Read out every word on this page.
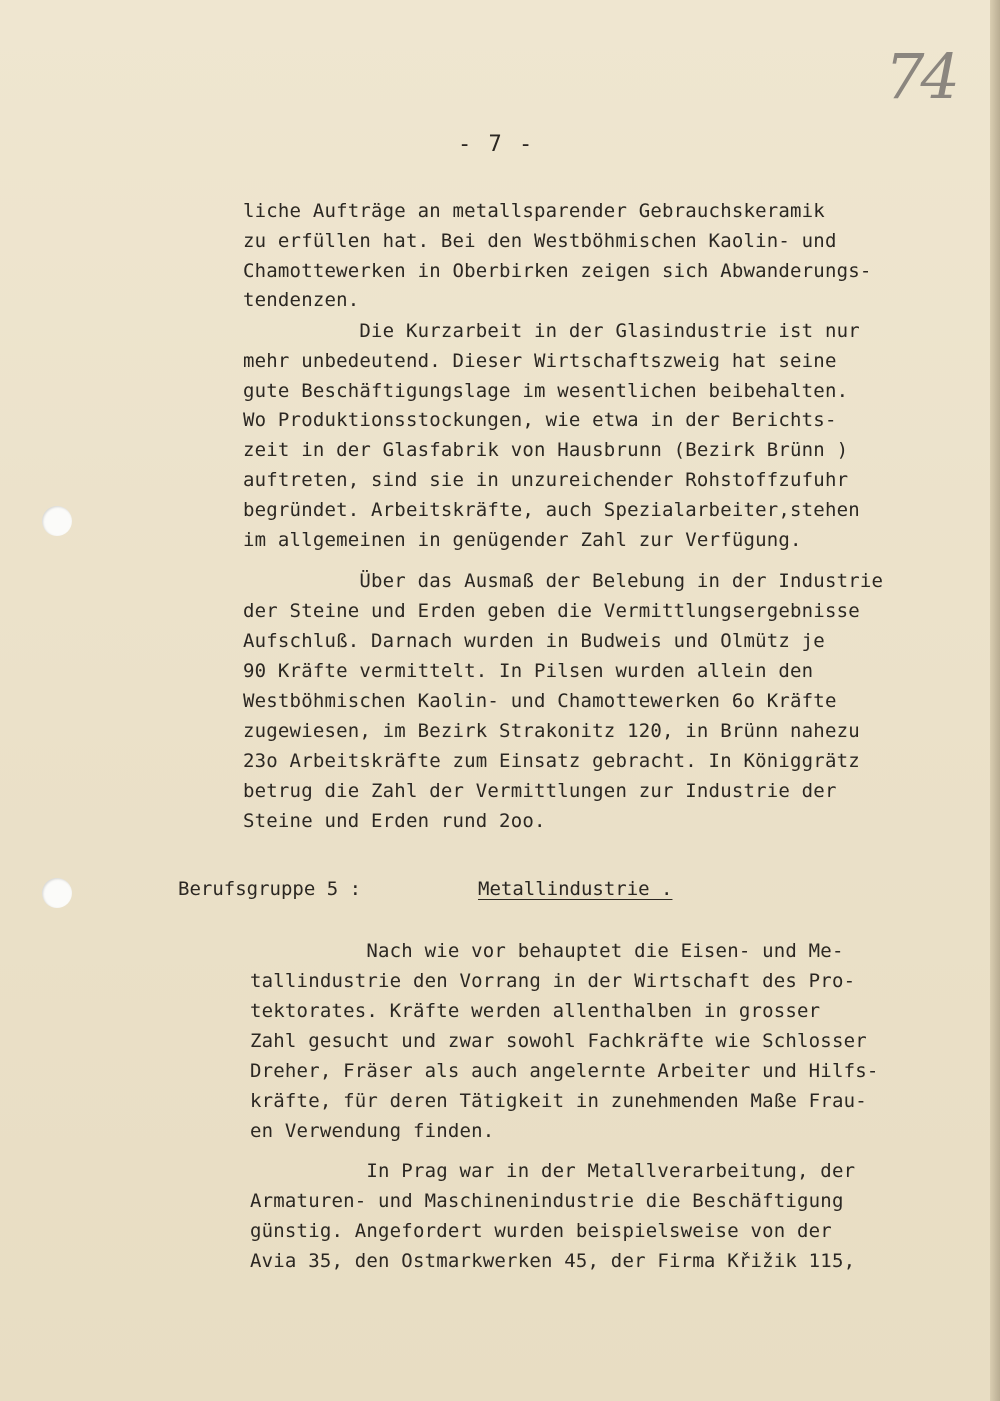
74
- 7 -
liche Aufträge an metallsparender Gebrauchskeramik
zu erfüllen hat. Bei den Westböhmischen Kaolin- und
Chamottewerken in Oberbirken zeigen sich Abwanderungs-
tendenzen.
Die Kurzarbeit in der Glasindustrie ist nur
mehr unbedeutend. Dieser Wirtschaftszweig hat seine
gute Beschäftigungslage im wesentlichen beibehalten.
Wo Produktionsstockungen, wie etwa in der Berichts-
zeit in der Glasfabrik von Hausbrunn (Bezirk Brünn )
auftreten, sind sie in unzureichender Rohstoffzufuhr
begründet. Arbeitskräfte, auch Spezialarbeiter,stehen
im allgemeinen in genügender Zahl zur Verfügung.
Über das Ausmaß der Belebung in der Industrie
der Steine und Erden geben die Vermittlungsergebnisse
Aufschluß. Darnach wurden in Budweis und Olmütz je
90 Kräfte vermittelt. In Pilsen wurden allein den
Westböhmischen Kaolin- und Chamottewerken 6o Kräfte
zugewiesen, im Bezirk Strakonitz 120, in Brünn nahezu
23o Arbeitskräfte zum Einsatz gebracht. In Königgrätz
betrug die Zahl der Vermittlungen zur Industrie der
Steine und Erden rund 2oo.
Berufsgruppe 5 :	Metallindustrie .
Nach wie vor behauptet die Eisen- und Me-
tallindustrie den Vorrang in der Wirtschaft des Pro-
tektorates. Kräfte werden allenthalben in grosser
Zahl gesucht und zwar sowohl Fachkräfte wie Schlosser
Dreher, Fräser als auch angelernte Arbeiter und Hilfs-
kräfte, für deren Tätigkeit in zunehmenden Maße Frau-
en Verwendung finden.
In Prag war in der Metallverarbeitung, der
Armaturen- und Maschinenindustrie die Beschäftigung
günstig. Angefordert wurden beispielsweise von der
Avia 35, den Ostmarkwerken 45, der Firma Křižik 115,
